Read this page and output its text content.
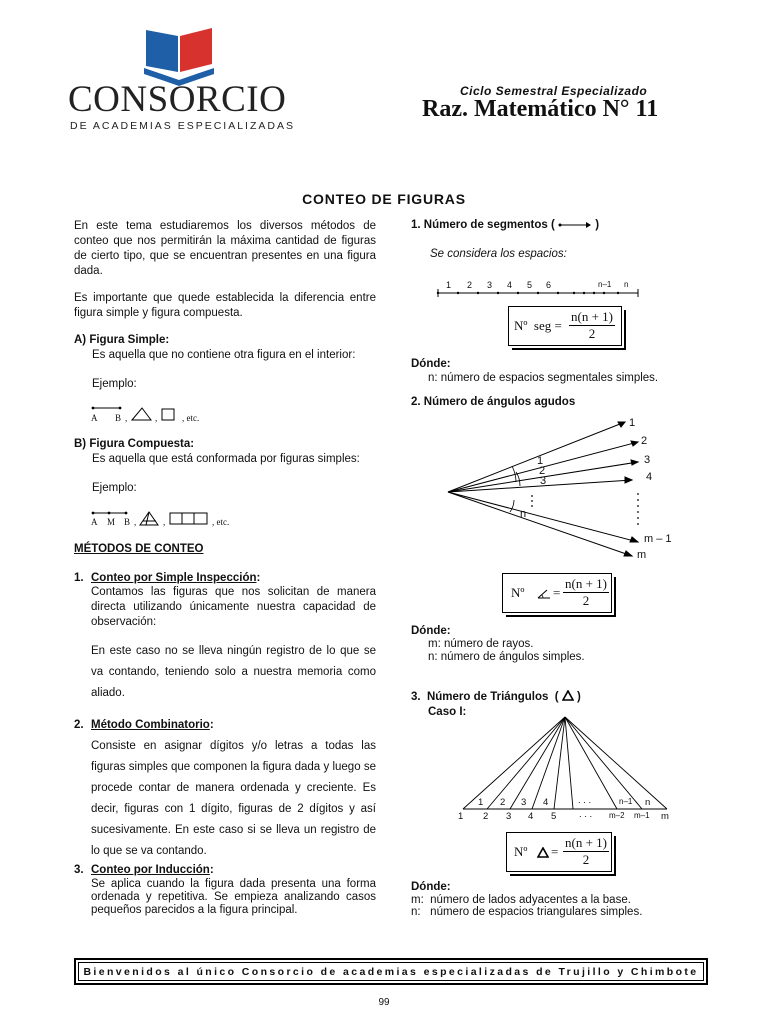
CONSORCIO
DE ACADEMIAS ESPECIALIZADAS
Ciclo Semestral Especializado
Raz. Matemático N° 11
CONTEO DE FIGURAS

En este tema estudiaremos los diversos métodos de conteo que nos permitirán la máxima cantidad de figuras de cierto tipo, que se encuentran presentes en una figura dada.

Es importante que quede establecida la diferencia entre figura simple y figura compuesta.

A) Figura Simple:
Es aquella que no contiene otra figura en el interior:
Ejemplo:
A B ,	,	, etc.
B) Figura Compuesta:
Es aquella que está conformada por figuras simples:
Ejemplo:
A M B ,	,	, etc.
MÉTODOS DE CONTEO
1. Conteo por Simple Inspección:

Contamos las figuras que nos solicitan de manera directa utilizando únicamente nuestra capacidad de observación:

En este caso no se lleva ningún registro de lo que se va contando, teniendo solo a nuestra memoria como aliado.

2. Método Combinatorio:

Consiste en asignar dígitos y/o letras a todas las figuras simples que componen la figura dada y luego se procede contar de manera ordenada y creciente. Es decir, figuras con 1 dígito, figuras de 2 dígitos y así sucesivamente. En este caso si se lleva un registro de lo que se va contando.

3. Conteo por Inducción:

Se aplica cuando la figura dada presenta una forma ordenada y repetitiva. Se empieza analizando casos pequeños parecidos a la figura principal.

1. Número de segmentos (	)
Se considera los espacios:
1 2 3 4 5 6	n–1 n
Nº  seg = $\frac{n(n + 1)}{2}$
Dónde:
n: número de espacios segmentales simples.
2. Número de ángulos agudos
1
2
3
4
m – 1
m
1
2
3
n
Nº = $\frac{n(n + 1)}{2}$
Dónde:
m: número de rayos.
n: número de ángulos simples.
3.  Número de Triángulos  ( )
Caso I:
1 2 3 4	. . .	n–1 n
1 2 3 4 5 . . . m–2 m–1 m
Nº = $\frac{n(n + 1)}{2}$
Dónde:
m:  número de lados adyacentes a la base.
n:   número de espacios triangulares simples.
Bienvenidos al único Consorcio de academias especializadas de Trujillo y Chimbote
99
